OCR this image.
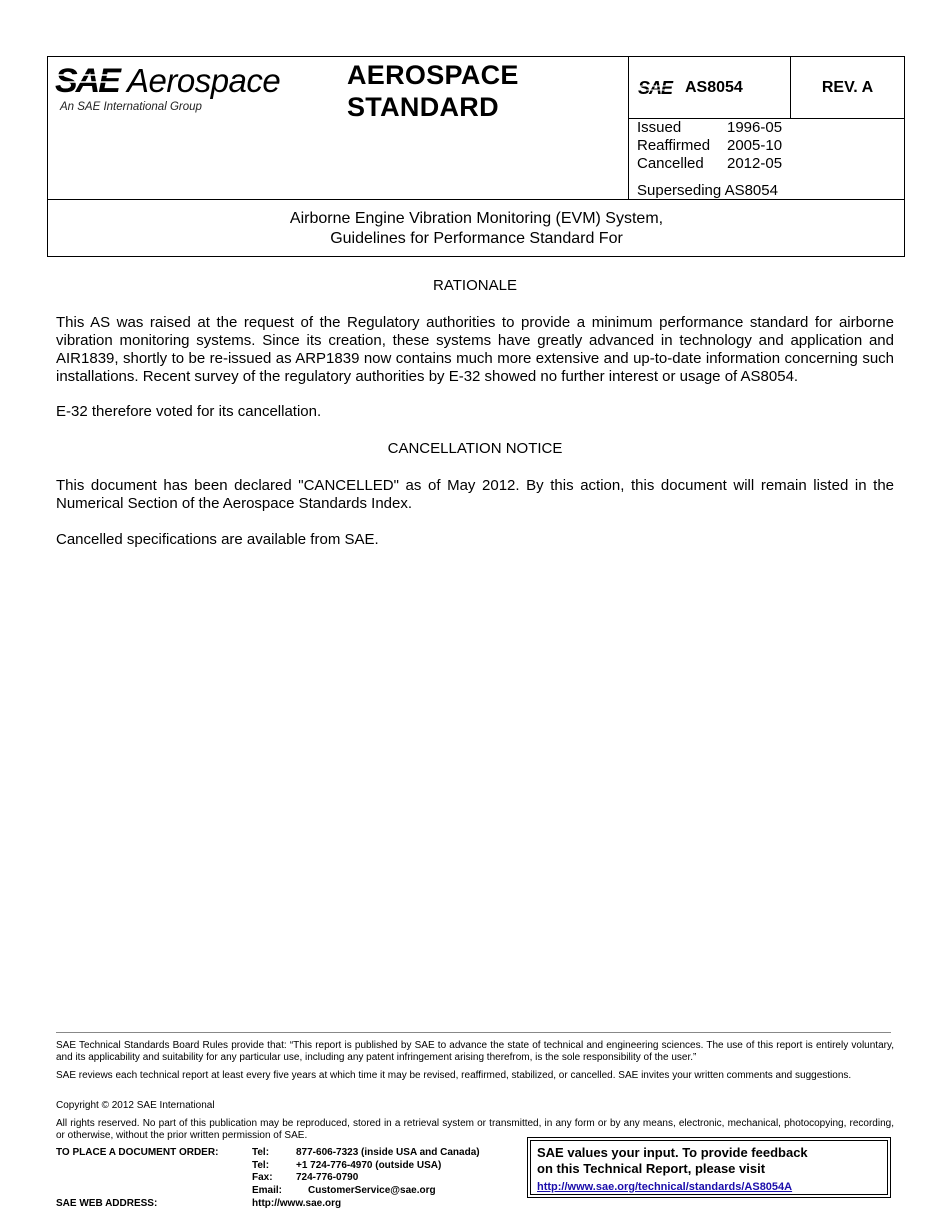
SAE Aerospace
An SAE International Group
AEROSPACE
STANDARD
SAE AS8054	REV. A
Issued	1996-05
Reaffirmed	2005-10
Cancelled	2012-05
Superseding AS8054
Airborne Engine Vibration Monitoring (EVM) System,
Guidelines for Performance Standard For
RATIONALE

This AS was raised at the request of the Regulatory authorities to provide a minimum performance standard for airborne vibration monitoring systems. Since its creation, these systems have greatly advanced in technology and application and AIR1839, shortly to be re-issued as ARP1839 now contains much more extensive and up-to-date information concerning such installations. Recent survey of the regulatory authorities by E-32 showed no further interest or usage of AS8054.

E-32 therefore voted for its cancellation.

CANCELLATION NOTICE

This document has been declared "CANCELLED" as of May 2012. By this action, this document will remain listed in the Numerical Section of the Aerospace Standards Index.

Cancelled specifications are available from SAE.

SAE Technical Standards Board Rules provide that: “This report is published by SAE to advance the state of technical and engineering sciences. The use of this report is entirely voluntary, and its applicability and suitability for any particular use, including any patent infringement arising therefrom, is the sole responsibility of the user.”

SAE reviews each technical report at least every five years at which time it may be revised, reaffirmed, stabilized, or cancelled. SAE invites your written comments and suggestions.

Copyright © 2012 SAE International

All rights reserved. No part of this publication may be reproduced, stored in a retrieval system or transmitted, in any form or by any means, electronic, mechanical, photocopying, recording, or otherwise, without the prior written permission of SAE.

TO PLACE A DOCUMENT ORDER:	Tel:	877-606-7323 (inside USA and Canada)
Tel:	+1 724-776-4970 (outside USA)
Fax: 724-776-0790
Email:	CustomerService@sae.org
SAE WEB ADDRESS:	http://www.sae.org
SAE values your input. To provide feedback
on this Technical Report, please visit
http://www.sae.org/technical/standards/AS8054A
